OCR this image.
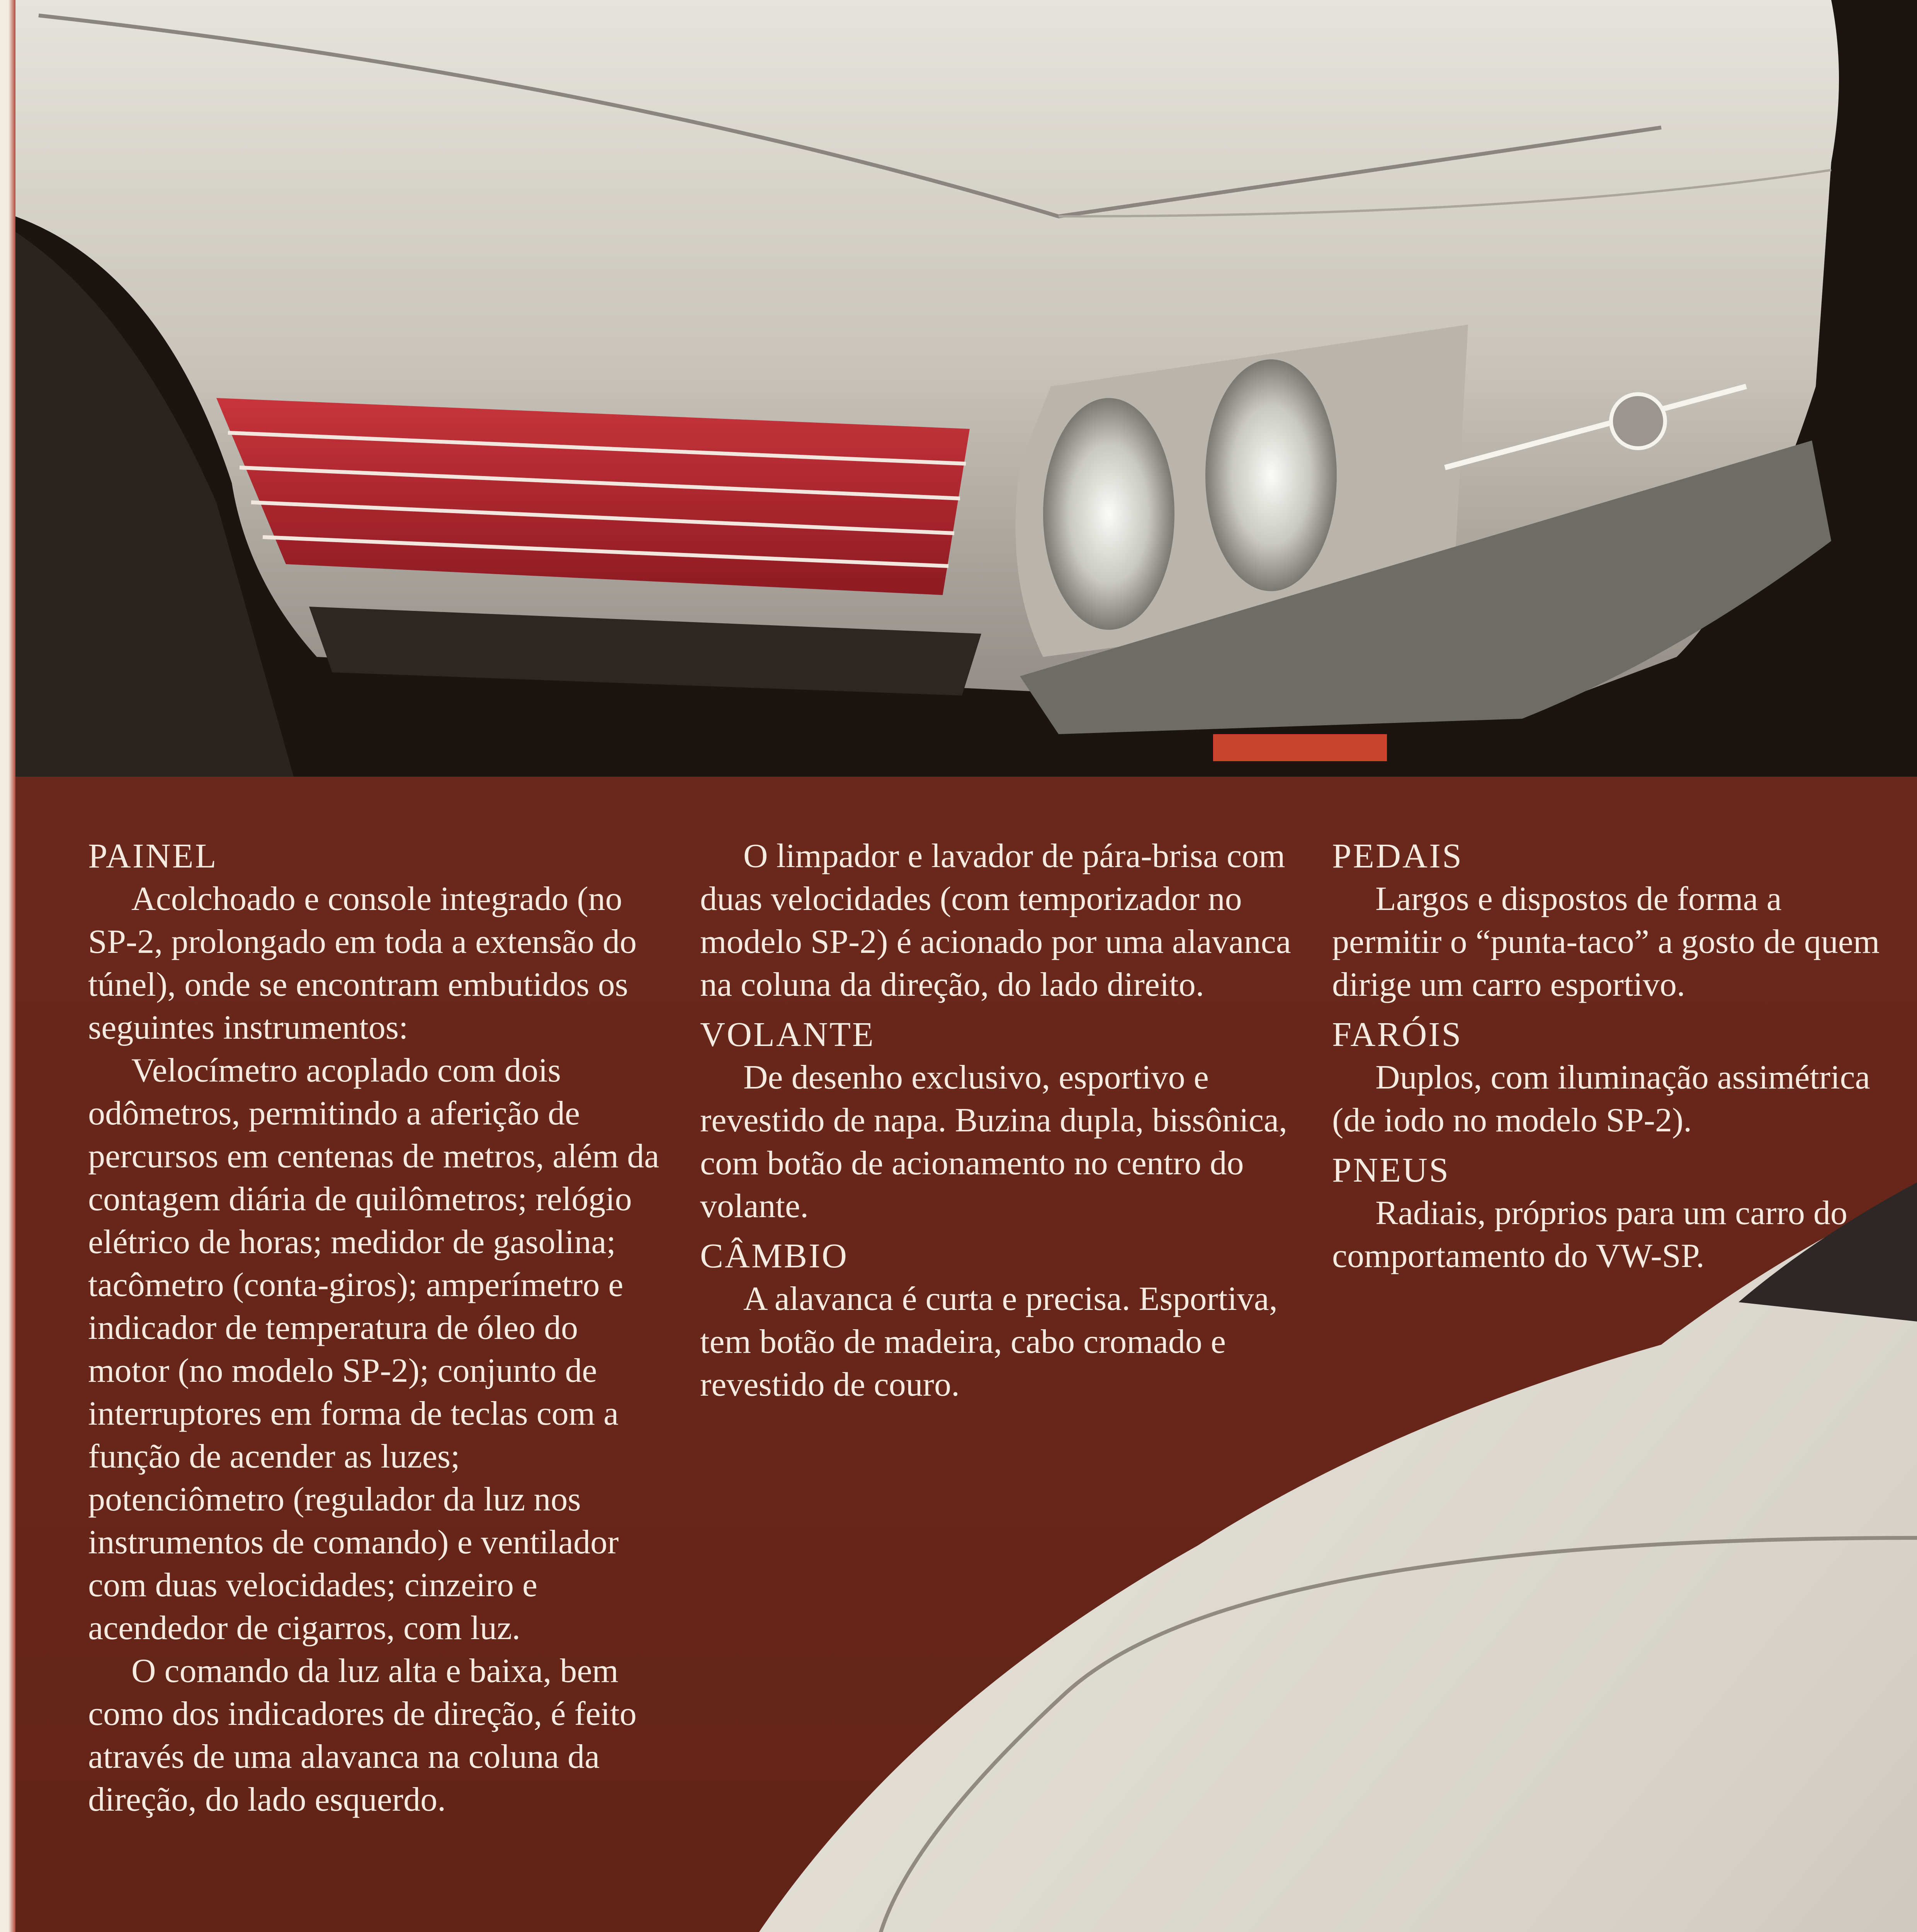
PAINEL

Acolchoado e console integrado (no SP-2, prolongado em toda a extensão do túnel), onde se encontram embutidos os seguintes instrumentos:

Velocímetro acoplado com dois odômetros, permitindo a aferição de percursos em centenas de metros, além da contagem diária de quilômetros; relógio elétrico de horas; medidor de gasolina; tacômetro (conta-giros); amperímetro e indicador de temperatura de óleo do motor (no modelo SP-2); conjunto de interruptores em forma de teclas com a função de acender as luzes; potenciômetro (regulador da luz nos instrumentos de comando) e ventilador com duas velocidades; cinzeiro e acendedor de cigarros, com luz.

O comando da luz alta e baixa, bem como dos indicadores de direção, é feito através de uma alavanca na coluna da direção, do lado esquerdo.

O limpador e lavador de pára-brisa com duas velocidades (com temporizador no modelo SP-2) é acionado por uma alavanca na coluna da direção, do lado direito.

VOLANTE

De desenho exclusivo, esportivo e revestido de napa. Buzina dupla, bissônica, com botão de acionamento no centro do volante.

CÂMBIO

A alavanca é curta e precisa. Esportiva, tem botão de madeira, cabo cromado e revestido de couro.

PEDAIS

Largos e dispostos de forma a permitir o “punta-taco” a gosto de quem dirige um carro esportivo.

FARÓIS

Duplos, com iluminação assimétrica (de iodo no modelo SP-2).

PNEUS

Radiais, próprios para um carro do comportamento do VW-SP.
